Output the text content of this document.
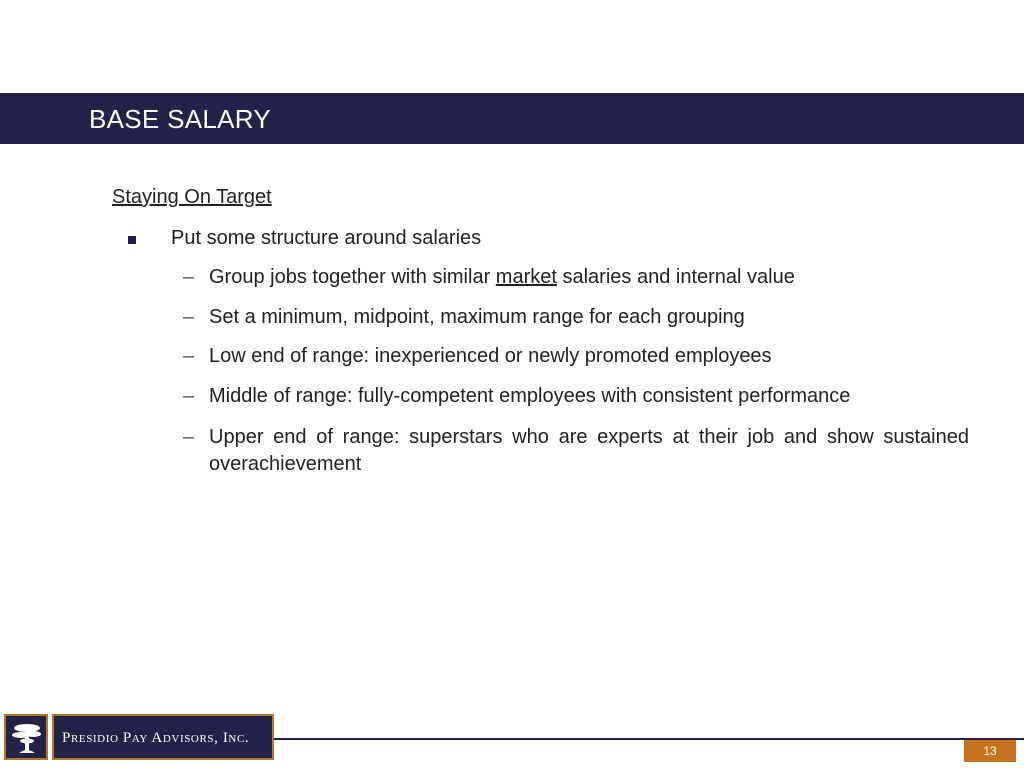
BASE SALARY
Staying On Target
Put some structure around salaries
– Group jobs together with similar market salaries and internal value
– Set a minimum, midpoint, maximum range for each grouping
– Low end of range: inexperienced or newly promoted employees
– Middle of range: fully-competent employees with consistent performance
– Upper end of range: superstars who are experts at their job and show sustained overachievement
Presidio Pay Advisors, Inc.
13
